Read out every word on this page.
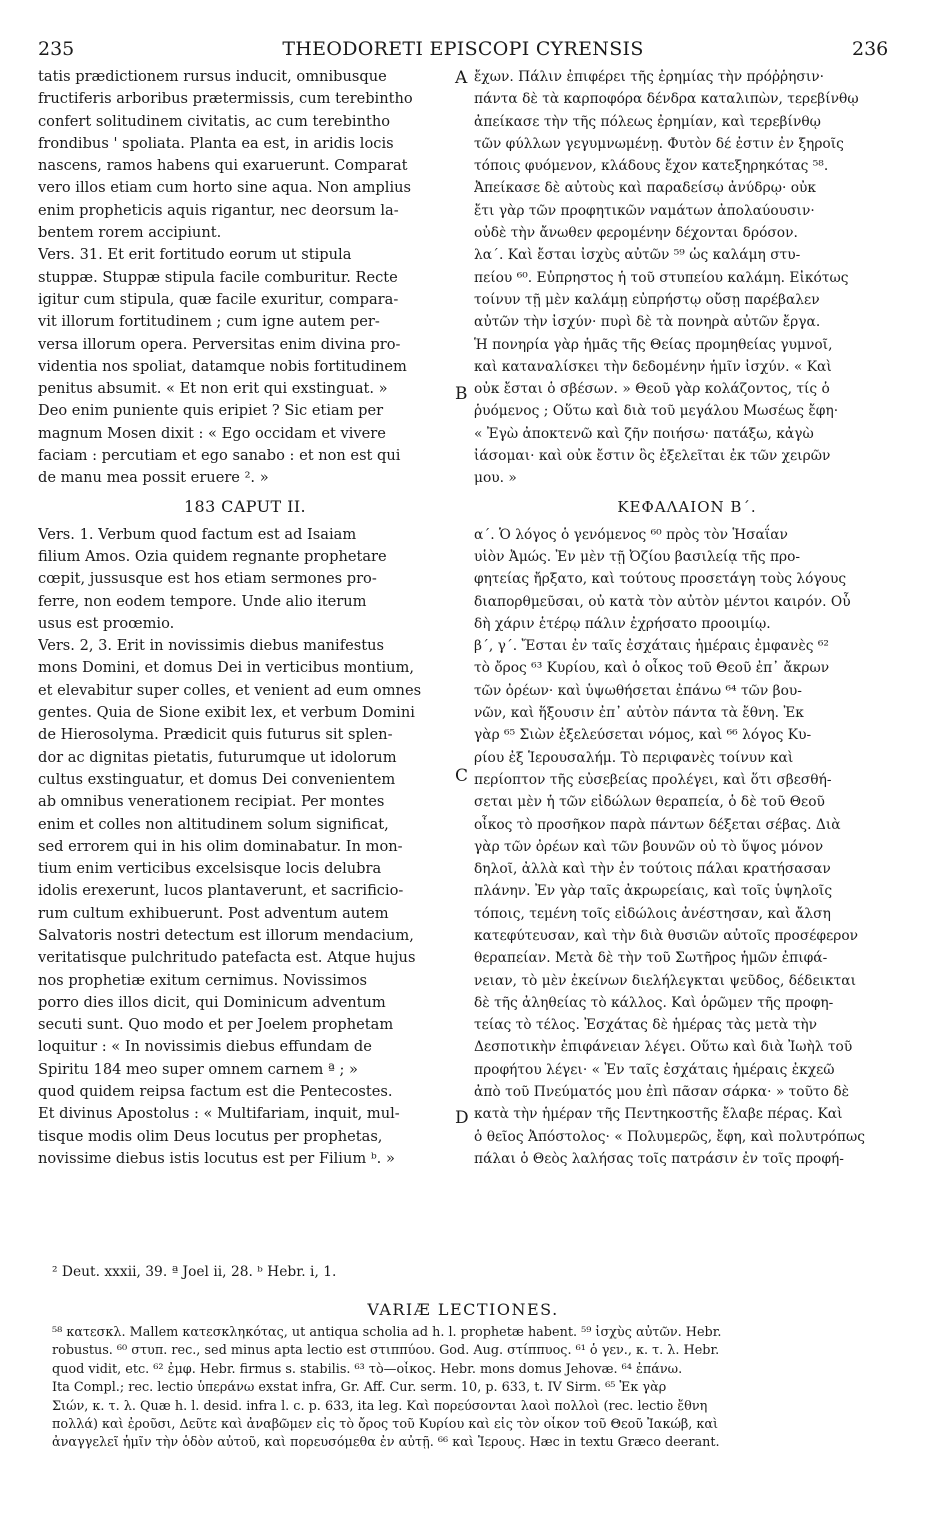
235	THEODORETI EPISCOPI CYRENSIS	236
A
B
C
D
tatis prædictionem rursus inducit, omnibusque
fructiferis arboribus prætermissis, cum terebintho
confert solitudinem civitatis, ac cum terebintho
frondibus ' spoliata. Planta ea est, in aridis locis
nascens, ramos habens qui exaruerunt. Comparat
vero illos etiam cum horto sine aqua. Non amplius
enim propheticis aquis rigantur, nec deorsum la-
bentem rorem accipiunt.
Vers. 31. Et erit fortitudo eorum ut stipula
stuppæ. Stuppæ stipula facile comburitur. Recte
igitur cum stipula, quæ facile exuritur, compara-
vit illorum fortitudinem ; cum igne autem per-
versa illorum opera. Perversitas enim divina pro-
videntia nos spoliat, datamque nobis fortitudinem
penitus absumit. « Et non erit qui exstinguat. »
Deo enim puniente quis eripiet ? Sic etiam per
magnum Mosen dixit : « Ego occidam et vivere
faciam : percutiam et ego sanabo : et non est qui
de manu mea possit eruere ². »
183 CAPUT II.
Vers. 1. Verbum quod factum est ad Isaiam
filium Amos. Ozia quidem regnante prophetare
cœpit, jussusque est hos etiam sermones pro-
ferre, non eodem tempore. Unde alio iterum
usus est proœmio.
Vers. 2, 3. Erit in novissimis diebus manifestus
mons Domini, et domus Dei in verticibus montium,
et elevabitur super colles, et venient ad eum omnes
gentes. Quia de Sione exibit lex, et verbum Domini
de Hierosolyma. Prædicit quis futurus sit splen-
dor ac dignitas pietatis, futurumque ut idolorum
cultus exstinguatur, et domus Dei convenientem
ab omnibus venerationem recipiat. Per montes
enim et colles non altitudinem solum significat,
sed errorem qui in his olim dominabatur. In mon-
tium enim verticibus excelsisque locis delubra
idolis erexerunt, lucos plantaverunt, et sacrificio-
rum cultum exhibuerunt. Post adventum autem
Salvatoris nostri detectum est illorum mendacium,
veritatisque pulchritudo patefacta est. Atque hujus
nos prophetiæ exitum cernimus. Novissimos
porro dies illos dicit, qui Dominicum adventum
secuti sunt. Quo modo et per Joelem prophetam
loquitur : « In novissimis diebus effundam de
Spiritu 184 meo super omnem carnem ª ; »
quod quidem reipsa factum est die Pentecostes.
Et divinus Apostolus : « Multifariam, inquit, mul-
tisque modis olim Deus locutus per prophetas,
novissime diebus istis locutus est per Filium ᵇ. »
ἔχων. Πάλιν ἐπιφέρει τῆς ἐρημίας τὴν πρόῤῥησιν·
πάντα δὲ τὰ καρποφόρα δένδρα καταλιπὼν, τερεβίνθῳ
ἀπείκασε τὴν τῆς πόλεως ἐρημίαν, καὶ τερεβίνθῳ
τῶν φύλλων γεγυμνωμένῃ. Φυτὸν δέ ἐστιν ἐν ξηροῖς
τόποις φυόμενον, κλάδους ἔχον κατεξηρηκότας ⁵⁸.
Ἀπείκασε δὲ αὐτοὺς καὶ παραδείσῳ ἀνύδρῳ· οὐκ
ἔτι γὰρ τῶν προφητικῶν ναμάτων ἀπολαύουσιν·
οὐδὲ τὴν ἄνωθεν φερομένην δέχονται δρόσον.
λα΄. Καὶ ἔσται ἰσχὺς αὐτῶν ⁵⁹ ὡς καλάμη στυ-
πείου ⁶⁰. Εὐπρηστος ἡ τοῦ στυπείου καλάμη. Εἰκότως
τοίνυν τῇ μὲν καλάμῃ εὐπρήστῳ οὔσῃ παρέβαλεν
αὐτῶν τὴν ἰσχύν· πυρὶ δὲ τὰ πονηρὰ αὐτῶν ἔργα.
Ἡ πονηρία γὰρ ἡμᾶς τῆς Θείας προμηθείας γυμνοῖ,
καὶ καταναλίσκει τὴν δεδομένην ἡμῖν ἰσχύν. « Καὶ
οὐκ ἔσται ὁ σβέσων. » Θεοῦ γὰρ κολάζοντος, τίς ὁ
ῥυόμενος ; Οὕτω καὶ διὰ τοῦ μεγάλου Μωσέως ἔφη·
« Ἐγὼ ἀποκτενῶ καὶ ζῆν ποιήσω· πατάξω, κἀγὼ
ἰάσομαι· καὶ οὐκ ἔστιν ὃς ἐξελεῖται ἐκ τῶν χειρῶν
μου. »
ΚΕΦΑΛΑΙΟΝ Β΄.
α΄. Ὁ λόγος ὁ γενόμενος ⁶⁰ πρὸς τὸν Ἡσαΐαν
υἱὸν Ἀμώς. Ἐν μὲν τῇ Ὀζίου βασιλείᾳ τῆς προ-
φητείας ἤρξατο, καὶ τούτους προσετάγη τοὺς λόγους
διαπορθμεῦσαι, οὐ κατὰ τὸν αὐτὸν μέντοι καιρόν. Οὗ
δὴ χάριν ἑτέρῳ πάλιν ἐχρήσατο προοιμίῳ.
β΄, γ΄. Ἔσται ἐν ταῖς ἐσχάταις ἡμέραις ἐμφανὲς ⁶²
τὸ ὄρος ⁶³ Κυρίου, καὶ ὁ οἶκος τοῦ Θεοῦ ἐπ᾽ ἄκρων
τῶν ὀρέων· καὶ ὑψωθήσεται ἐπάνω ⁶⁴ τῶν βου-
νῶν, καὶ ἥξουσιν ἐπ᾽ αὐτὸν πάντα τὰ ἔθνη. Ἐκ
γὰρ ⁶⁵ Σιὼν ἐξελεύσεται νόμος, καὶ ⁶⁶ λόγος Κυ-
ρίου ἐξ Ἱερουσαλήμ. Τὸ περιφανὲς τοίνυν καὶ
περίοπτον τῆς εὐσεβείας προλέγει, καὶ ὅτι σβεσθή-
σεται μὲν ἡ τῶν εἰδώλων θεραπεία, ὁ δὲ τοῦ Θεοῦ
οἶκος τὸ προσῆκον παρὰ πάντων δέξεται σέβας. Διὰ
γὰρ τῶν ὀρέων καὶ τῶν βουνῶν οὐ τὸ ὕψος μόνον
δηλοῖ, ἀλλὰ καὶ τὴν ἐν τούτοις πάλαι κρατήσασαν
πλάνην. Ἐν γὰρ ταῖς ἀκρωρείαις, καὶ τοῖς ὑψηλοῖς
τόποις, τεμένη τοῖς εἰδώλοις ἀνέστησαν, καὶ ἄλση
κατεφύτευσαν, καὶ τὴν διὰ θυσιῶν αὐτοῖς προσέφερον
θεραπείαν. Μετὰ δὲ τὴν τοῦ Σωτῆρος ἡμῶν ἐπιφά-
νειαν, τὸ μὲν ἐκείνων διελήλεγκται ψεῦδος, δέδεικται
δὲ τῆς ἀληθείας τὸ κάλλος. Καὶ ὁρῶμεν τῆς προφη-
τείας τὸ τέλος. Ἐσχάτας δὲ ἡμέρας τὰς μετὰ τὴν
Δεσποτικὴν ἐπιφάνειαν λέγει. Οὕτω καὶ διὰ Ἰωὴλ τοῦ
προφήτου λέγει· « Ἐν ταῖς ἐσχάταις ἡμέραις ἐκχεῶ
ἀπὸ τοῦ Πνεύματός μου ἐπὶ πᾶσαν σάρκα· » τοῦτο δὲ
κατὰ τὴν ἡμέραν τῆς Πεντηκοστῆς ἔλαβε πέρας. Καὶ
ὁ θεῖος Ἀπόστολος· « Πολυμερῶς, ἔφη, καὶ πολυτρόπως
πάλαι ὁ Θεὸς λαλήσας τοῖς πατράσιν ἐν τοῖς προφή-
² Deut. xxxii, 39. ª Joel ii, 28. ᵇ Hebr. i, 1.
VARIÆ LECTIONES.
⁵⁸ κατεσκλ. Mallem κατεσκληκότας, ut antiqua scholia ad h. l. prophetæ habent. ⁵⁹ ἰσχὺς αὐτῶν. Hebr.
robustus. ⁶⁰ στυπ. rec., sed minus apta lectio est στιππύου. God. Aug. στίππυος. ⁶¹ ὁ γεν., κ. τ. λ. Hebr.
quod vidit, etc. ⁶² ἐμφ. Hebr. firmus s. stabilis. ⁶³ τὸ—οἶκος. Hebr. mons domus Jehovæ. ⁶⁴ ἐπάνω.
Ita Compl.; rec. lectio ὑπεράνω exstat infra, Gr. Aff. Cur. serm. 10, p. 633, t. IV Sirm. ⁶⁵ Ἐκ γὰρ
Σιών, κ. τ. λ. Quæ h. l. desid. infra l. c. p. 633, ita leg. Καὶ πορεύσονται λαοὶ πολλοὶ (rec. lectio ἔθνη
πολλά) καὶ ἐροῦσι, Δεῦτε καὶ ἀναβῶμεν εἰς τὸ ὄρος τοῦ Κυρίου καὶ εἰς τὸν οἶκον τοῦ Θεοῦ Ἰακώβ, καὶ
ἀναγγελεῖ ἡμῖν τὴν ὁδὸν αὐτοῦ, καὶ πορευσόμεθα ἐν αὐτῇ. ⁶⁶ καὶ Ἱερους. Hæc in textu Græco deerant.
